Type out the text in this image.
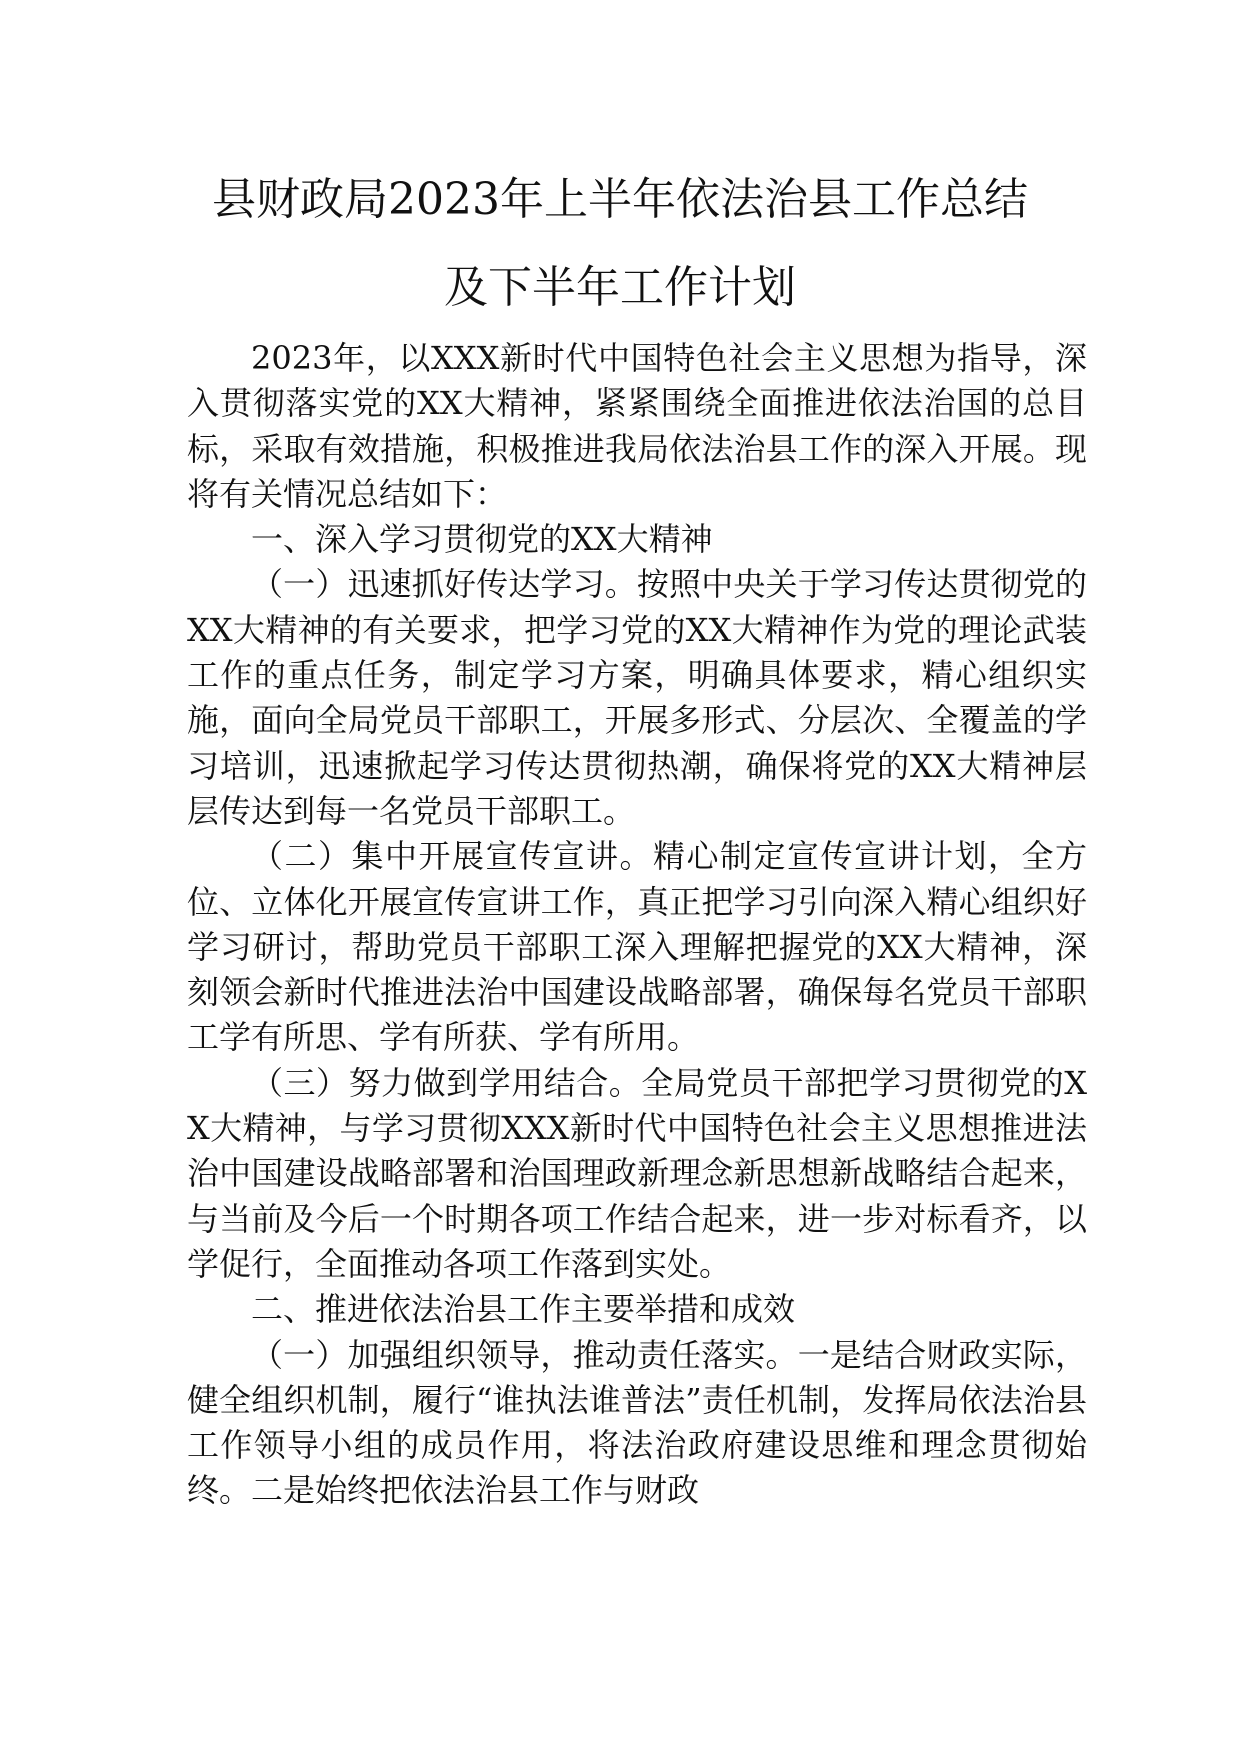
县财政局2023年上半年依法治县工作总结
及下半年工作计划

2023年，以XXX新时代中国特色社会主义思想为指导，深入贯彻落实党的XX大精神，紧紧围绕全面推进依法治国的总目标，采取有效措施，积极推进我局依法治县工作的深入开展。现将有关情况总结如下：

一、深入学习贯彻党的XX大精神

（一）迅速抓好传达学习。按照中央关于学习传达贯彻党的XX大精神的有关要求，把学习党的XX大精神作为党的理论武装工作的重点任务，制定学习方案，明确具体要求，精心组织实施，面向全局党员干部职工，开展多形式、分层次、全覆盖的学习培训，迅速掀起学习传达贯彻热潮，确保将党的XX大精神层层传达到每一名党员干部职工。

（二）集中开展宣传宣讲。精心制定宣传宣讲计划，全方位、立体化开展宣传宣讲工作，真正把学习引向深入精心组织好学习研讨，帮助党员干部职工深入理解把握党的XX大精神，深刻领会新时代推进法治中国建设战略部署，确保每名党员干部职工学有所思、学有所获、学有所用。

（三）努力做到学用结合。全局党员干部把学习贯彻党的XX大精神，与学习贯彻XXX新时代中国特色社会主义思想推进法治中国建设战略部署和治国理政新理念新思想新战略结合起来，与当前及今后一个时期各项工作结合起来，进一步对标看齐，以学促行，全面推动各项工作落到实处。

二、推进依法治县工作主要举措和成效

（一）加强组织领导，推动责任落实。一是结合财政实际，健全组织机制，履行“谁执法谁普法”责任机制，发挥局依法治县工作领导小组的成员作用，将法治政府建设思维和理念贯彻始终。二是始终把依法治县工作与财政
